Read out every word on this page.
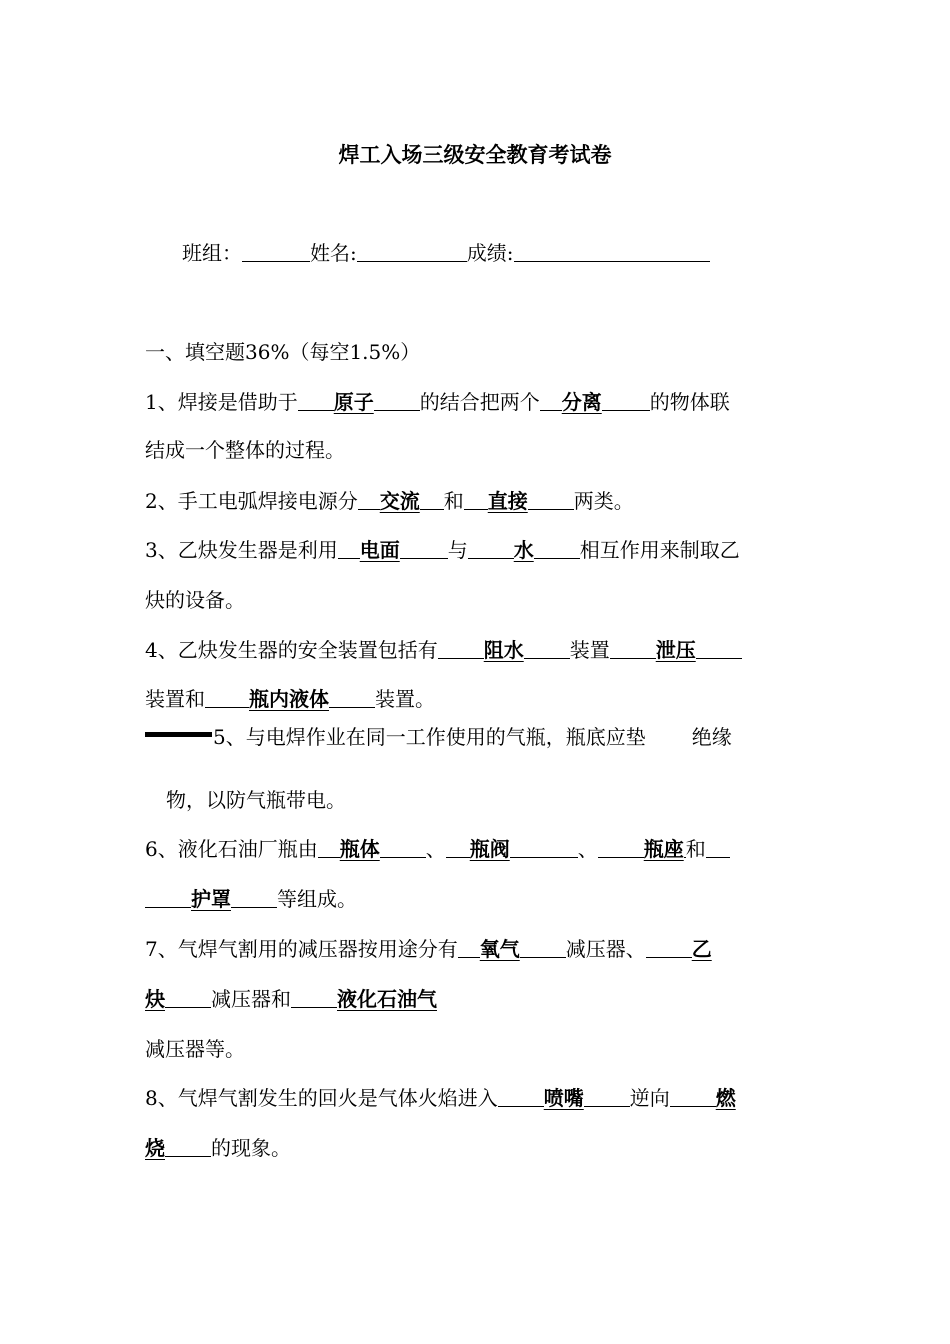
焊工入场三级安全教育考试卷
班组：	姓名:	成绩:
一、填空题36%（每空1.5%）
1、焊接是借助于 原子 的结合把两个 分离 的物体联
结成一个整体的过程。
2、手工电弧焊接电源分 交流 和 直接 两类。
3、乙炔发生器是利用 电面 与 水 相互作用来制取乙
炔的设备。
4、乙炔发生器的安全装置包括有 阻水 装置 泄压
装置和 瓶内液体 装置。
5、与电焊作业在同一工作使用的气瓶，瓶底应垫 绝缘
物，以防气瓶带电。
6、液化石油厂瓶由 瓶体 、 瓶阀	、 瓶座 和
护罩 等组成。
7、气焊气割用的减压器按用途分有 氧气 减压器、 乙
炔 减压器和 液化石油气
减压器等。
8、气焊气割发生的回火是气体火焰进入 喷嘴 逆向 燃
烧 的现象。
